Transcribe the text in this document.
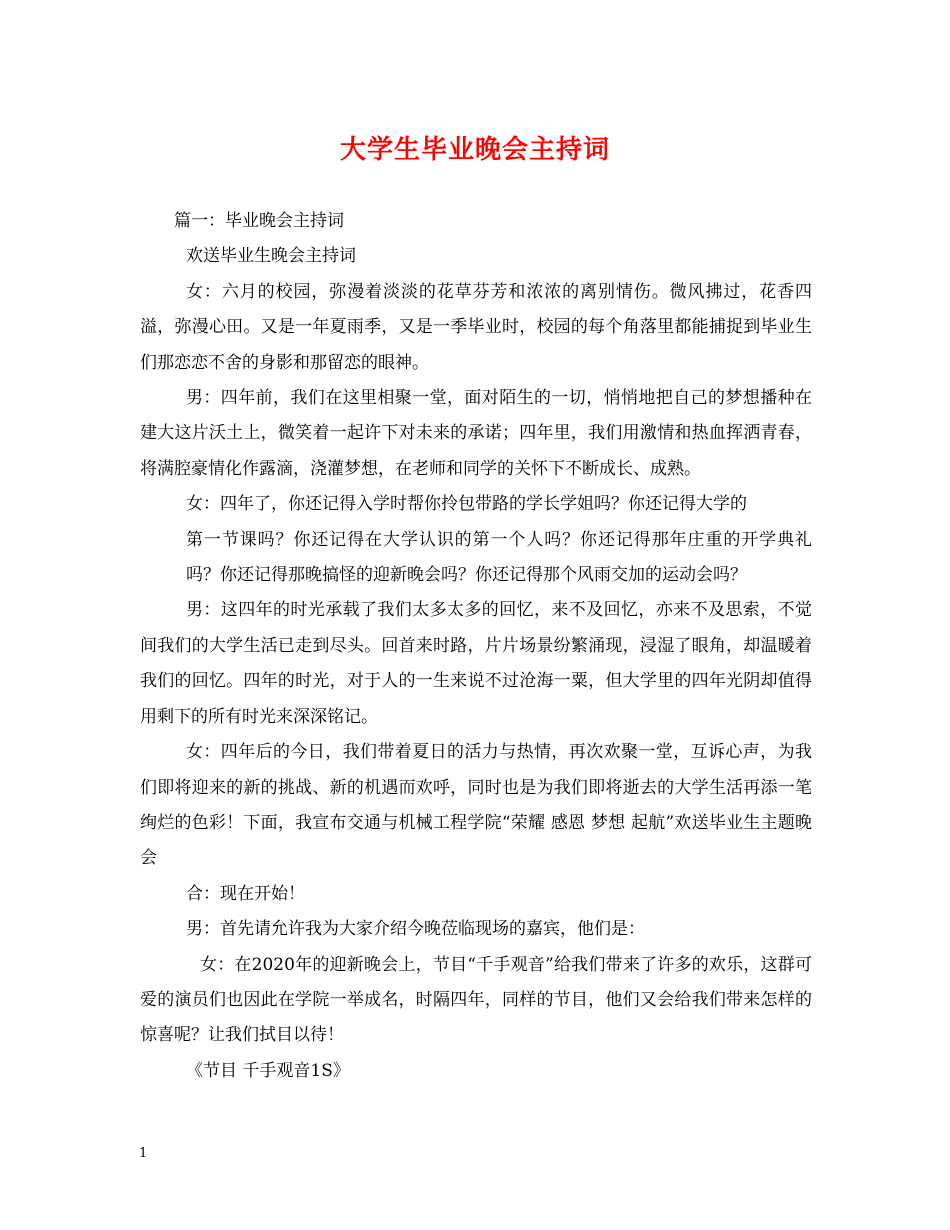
大学生毕业晚会主持词

篇一：毕业晚会主持词

欢送毕业生晚会主持词

女：六月的校园，弥漫着淡淡的花草芬芳和浓浓的离别情伤。微风拂过，花香四溢，弥漫心田。又是一年夏雨季，又是一季毕业时，校园的每个角落里都能捕捉到毕业生们那恋恋不舍的身影和那留恋的眼神。

男：四年前，我们在这里相聚一堂，面对陌生的一切，悄悄地把自己的梦想播种在建大这片沃土上，微笑着一起许下对未来的承诺；四年里，我们用激情和热血挥洒青春，将满腔豪情化作露滴，浇灌梦想，在老师和同学的关怀下不断成长、成熟。

女：四年了，你还记得入学时帮你拎包带路的学长学姐吗？你还记得大学的

第一节课吗？你还记得在大学认识的第一个人吗？你还记得那年庄重的开学典礼吗？你还记得那晚搞怪的迎新晚会吗？你还记得那个风雨交加的运动会吗？

男：这四年的时光承载了我们太多太多的回忆，来不及回忆，亦来不及思索，不觉间我们的大学生活已走到尽头。回首来时路，片片场景纷繁涌现，浸湿了眼角，却温暖着我们的回忆。四年的时光，对于人的一生来说不过沧海一粟，但大学里的四年光阴却值得用剩下的所有时光来深深铭记。

女：四年后的今日，我们带着夏日的活力与热情，再次欢聚一堂，互诉心声，为我们即将迎来的新的挑战、新的机遇而欢呼，同时也是为我们即将逝去的大学生活再添一笔绚烂的色彩！下面，我宣布交通与机械工程学院“荣耀 感恩 梦想 起航”欢送毕业生主题晚会

合：现在开始！

男：首先请允许我为大家介绍今晚莅临现场的嘉宾，他们是：

女：在2020年的迎新晚会上，节目“千手观音”给我们带来了许多的欢乐，这群可爱的演员们也因此在学院一举成名，时隔四年，同样的节目，他们又会给我们带来怎样的惊喜呢？让我们拭目以待！

《节目 千手观音1S》

1
